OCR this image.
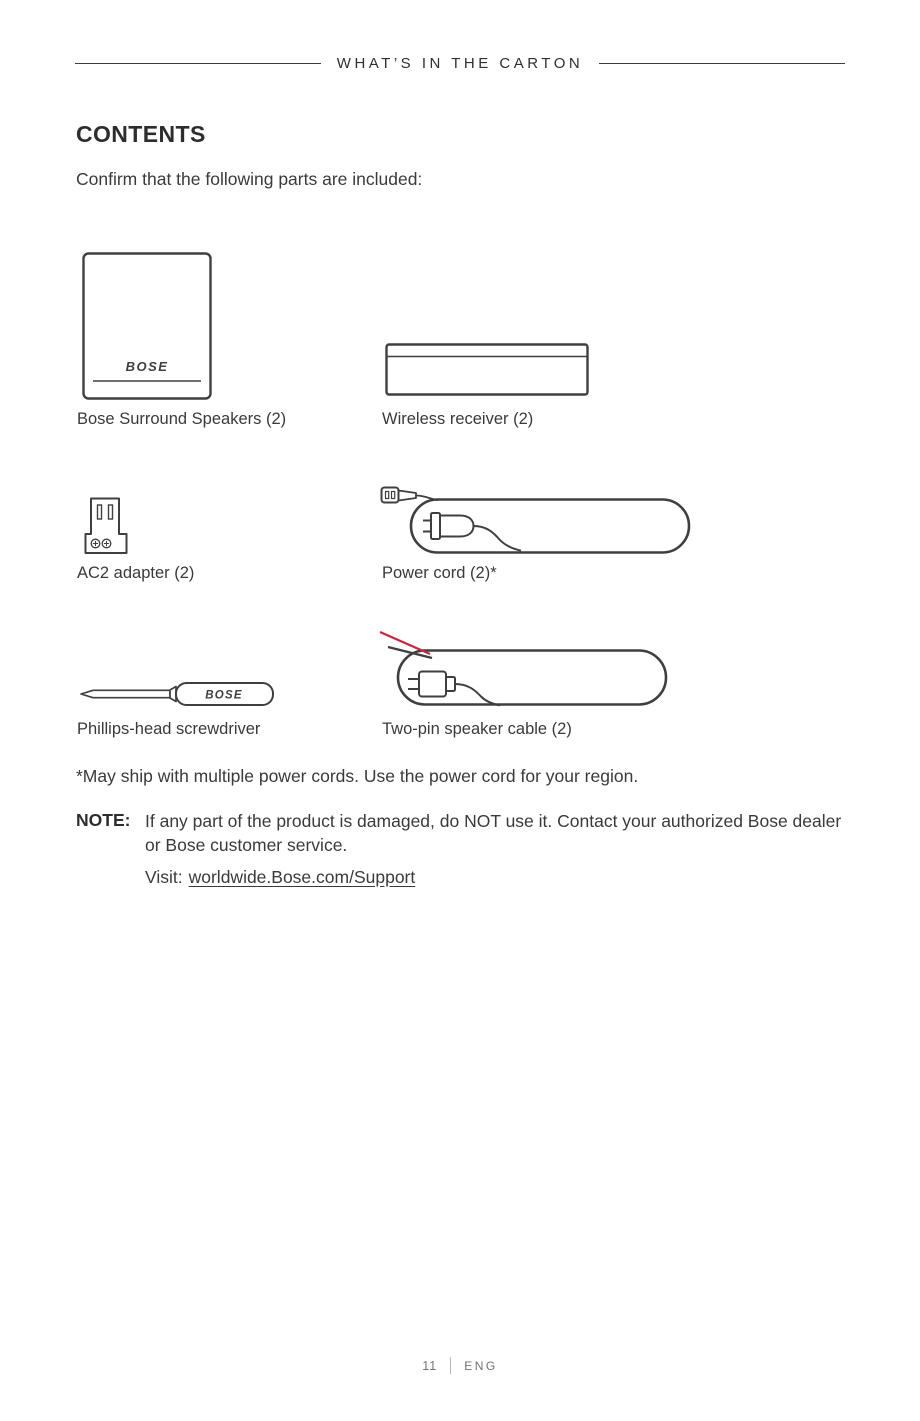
WHAT’S IN THE CARTON
CONTENTS
Confirm that the following parts are included:
BOSE
Bose Surround Speakers (2)	Wireless receiver (2)
AC2 adapter (2)	Power cord (2)*
BOSE
Phillips-head screwdriver	Two-pin speaker cable (2)
*May ship with multiple power cords. Use the power cord for your region.
NOTE: If any part of the product is damaged, do NOT use it. Contact your authorized Bose dealer or Bose customer service.
Visit: worldwide.Bose.com/Support
11 ENG
